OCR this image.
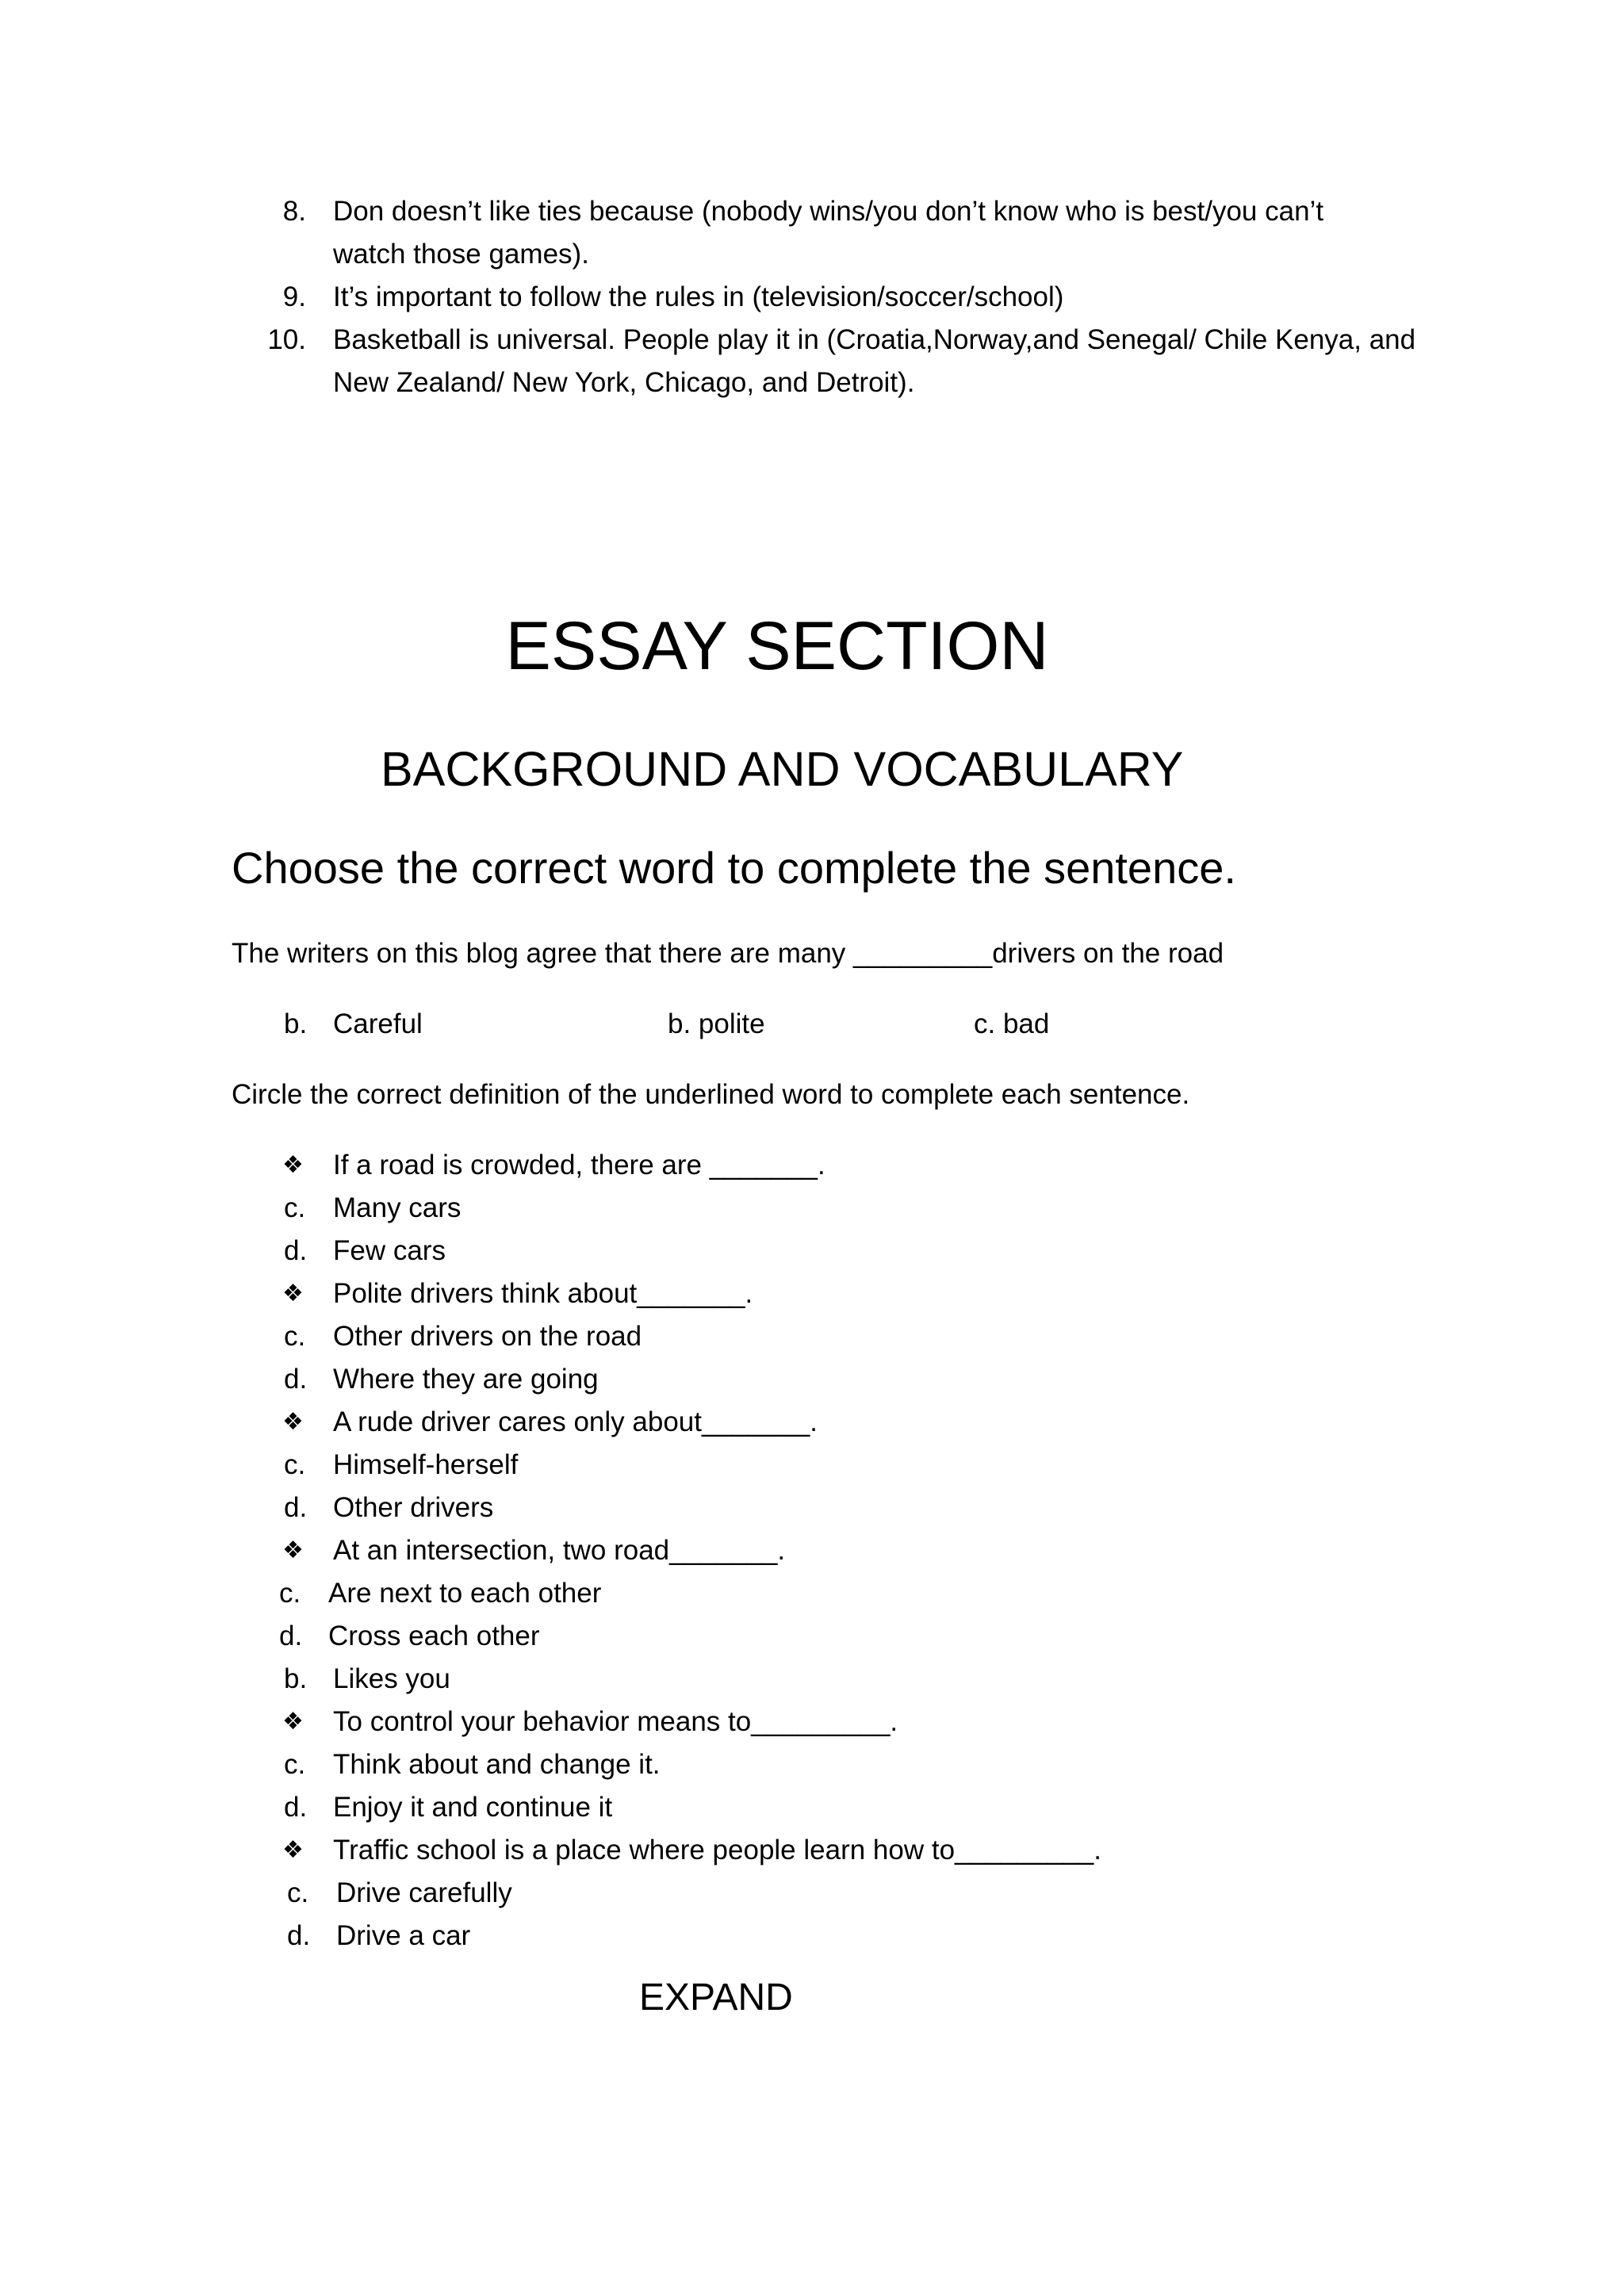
8. Don doesn’t like ties because (nobody wins/you don’t know who is best/you can’t
watch those games).
9. It’s important to follow the rules in (television/soccer/school)
10. Basketball is universal. People play it in (Croatia,Norway,and Senegal/ Chile Kenya, and
New Zealand/ New York, Chicago, and Detroit).
ESSAY SECTION
BACKGROUND AND VOCABULARY
Choose the correct word to complete the sentence.
The writers on this blog agree that there are many _________drivers on the road
b. Careful	b. polite	c. bad
Circle the correct definition of the underlined word to complete each sentence.
❖ If a road is crowded, there are _______.
c. Many cars
d. Few cars
❖ Polite drivers think about_______.
c. Other drivers on the road
d. Where they are going
❖ A rude driver cares only about_______.
c. Himself-herself
d. Other drivers
❖ At an intersection, two road_______.
c. Are next to each other
d. Cross each other
b. Likes you
❖ To control your behavior means to_________.
c. Think about and change it.
d. Enjoy it and continue it
❖ Traffic school is a place where people learn how to_________.
c. Drive carefully
d. Drive a car
EXPAND
